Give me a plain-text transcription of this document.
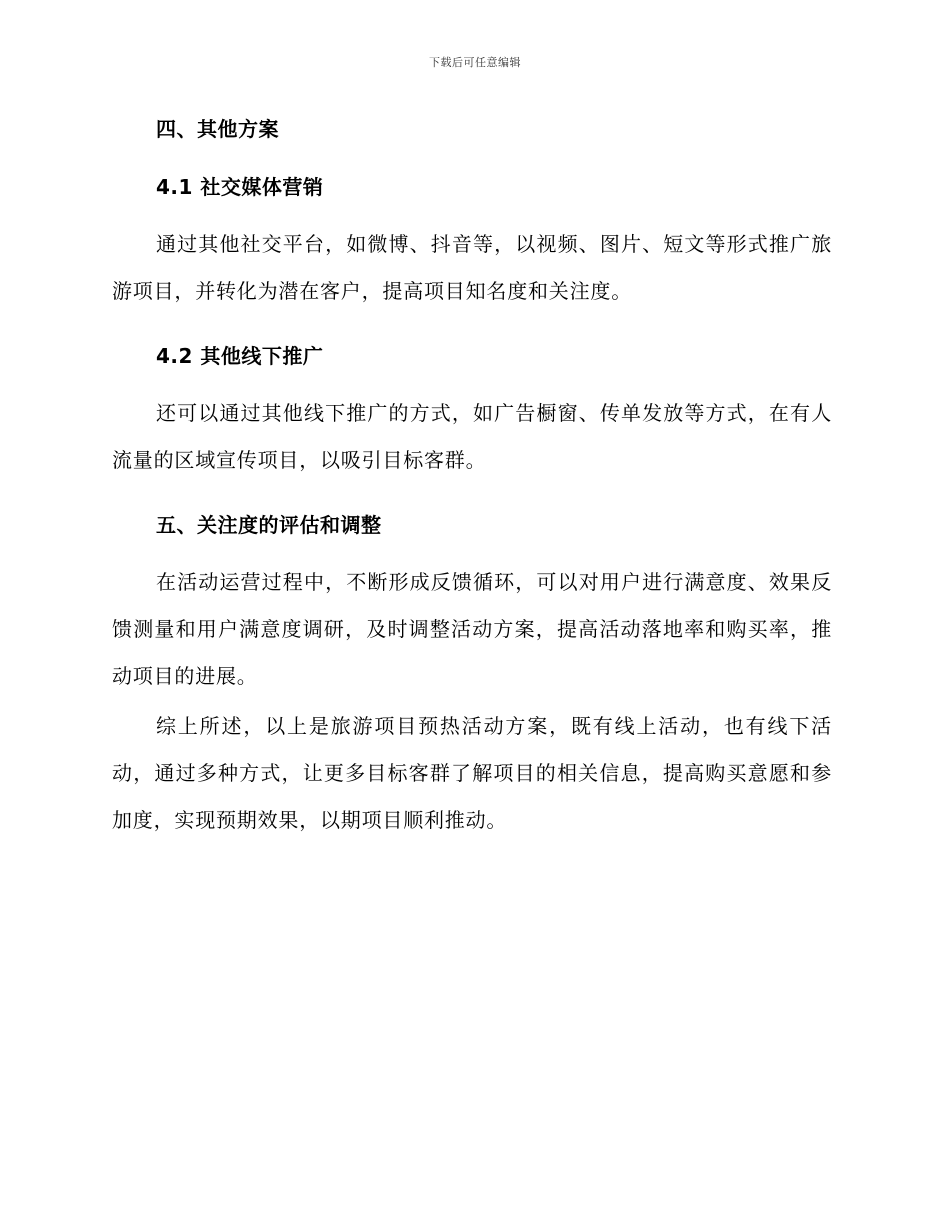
下载后可任意编辑
四、其他方案
4.1 社交媒体营销

通过其他社交平台，如微博、抖音等，以视频、图片、短文等形式推广旅游项目，并转化为潜在客户，提高项目知名度和关注度。

4.2 其他线下推广

还可以通过其他线下推广的方式，如广告橱窗、传单发放等方式，在有人流量的区域宣传项目，以吸引目标客群。

五、关注度的评估和调整

在活动运营过程中，不断形成反馈循环，可以对用户进行满意度、效果反馈测量和用户满意度调研，及时调整活动方案，提高活动落地率和购买率，推动项目的进展。

综上所述，以上是旅游项目预热活动方案，既有线上活动，也有线下活动，通过多种方式，让更多目标客群了解项目的相关信息，提高购买意愿和参加度，实现预期效果，以期项目顺利推动。
